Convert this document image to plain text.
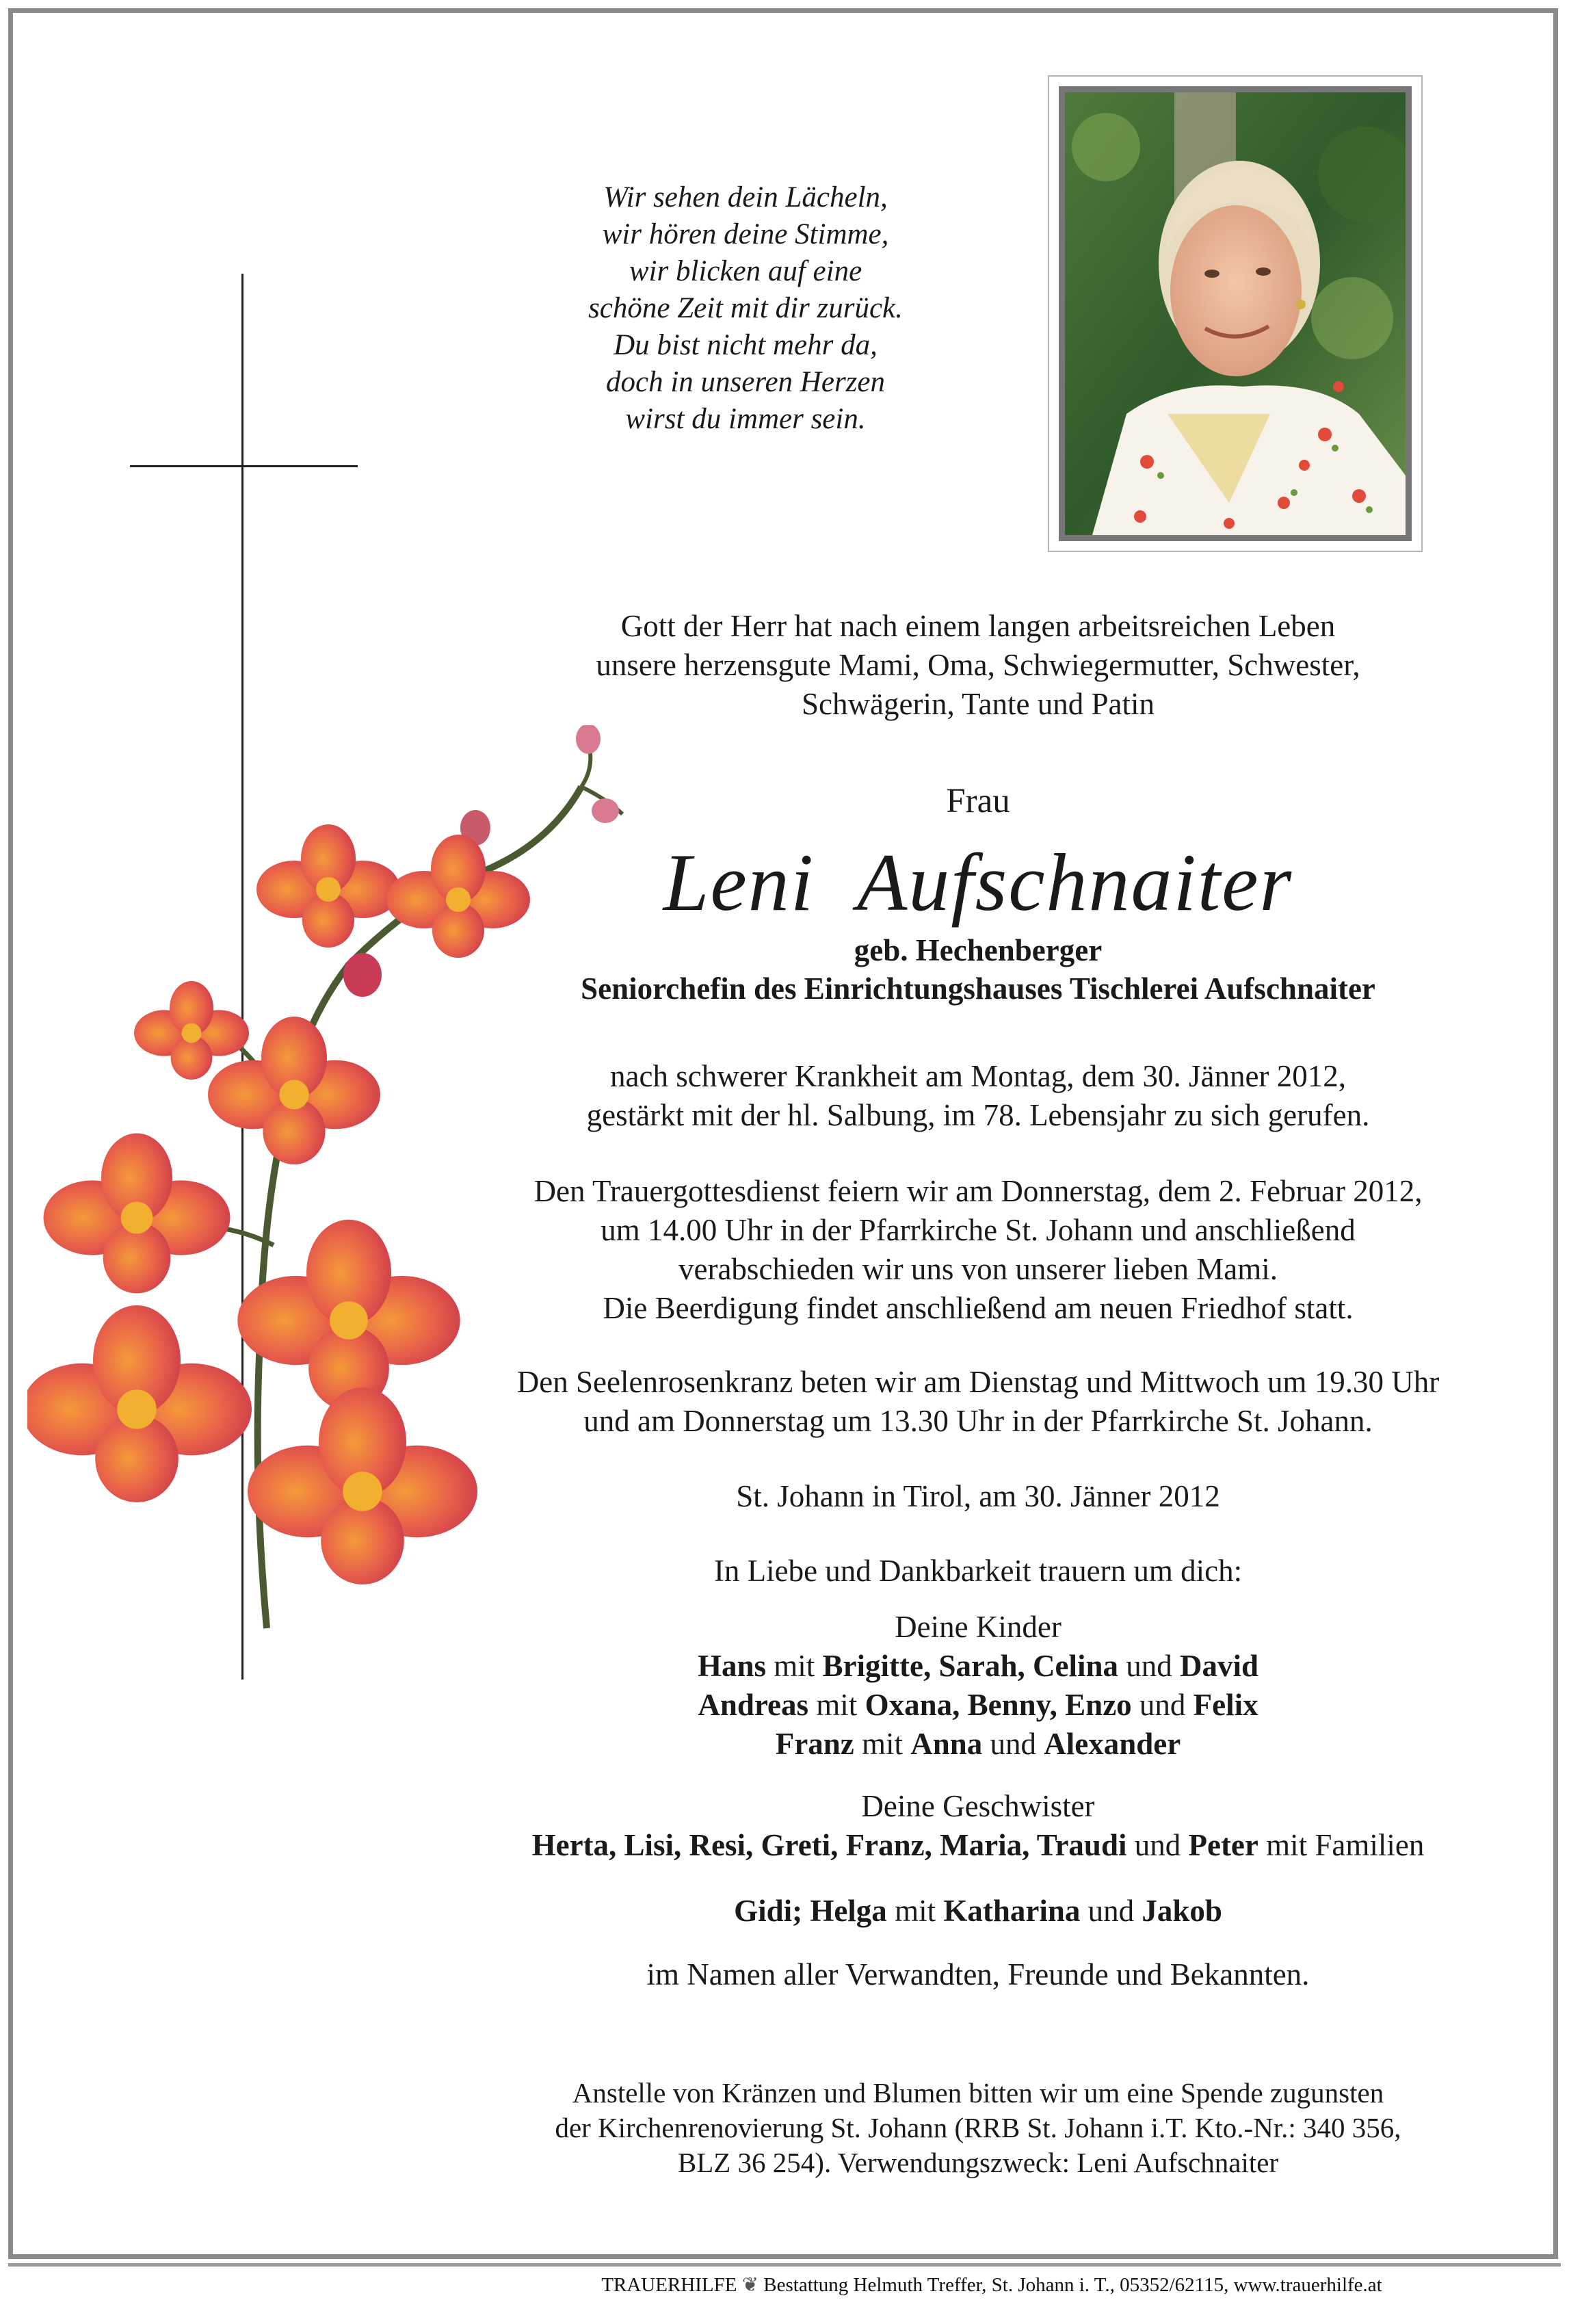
Wir sehen dein Lächeln,
wir hören deine Stimme,
wir blicken auf eine
schöne Zeit mit dir zurück.
Du bist nicht mehr da,
doch in unseren Herzen
wirst du immer sein.

Gott der Herr hat nach einem langen arbeitsreichen Leben

unsere herzensgute Mami, Oma, Schwiegermutter, Schwester,

Schwägerin, Tante und Patin

Frau
Leni  Aufschnaiter
geb. Hechenberger
Seniorchefin des Einrichtungshauses Tischlerei Aufschnaiter

nach schwerer Krankheit am Montag, dem 30. Jänner 2012,

gestärkt mit der hl. Salbung, im 78. Lebensjahr zu sich gerufen.

Den Trauergottesdienst feiern wir am Donnerstag, dem 2. Februar 2012,

um 14.00 Uhr in der Pfarrkirche St. Johann und anschließend

verabschieden wir uns von unserer lieben Mami.

Die Beerdigung findet anschließend am neuen Friedhof statt.

Den Seelenrosenkranz beten wir am Dienstag und Mittwoch um 19.30 Uhr

und am Donnerstag um 13.30 Uhr in der Pfarrkirche St. Johann.

St. Johann in Tirol, am 30. Jänner 2012
In Liebe und Dankbarkeit trauern um dich:

Deine Kinder

Hans mit Brigitte, Sarah, Celina und David

Andreas mit Oxana, Benny, Enzo und Felix

Franz mit Anna und Alexander

Deine Geschwister

Herta, Lisi, Resi, Greti, Franz, Maria, Traudi und Peter mit Familien

Gidi; Helga mit Katharina und Jakob
im Namen aller Verwandten, Freunde und Bekannten.

Anstelle von Kränzen und Blumen bitten wir um eine Spende zugunsten

der Kirchenrenovierung St. Johann (RRB St. Johann i.T. Kto.-Nr.: 340 356,

BLZ 36 254). Verwendungszweck: Leni Aufschnaiter

TRAUERHILFE ❦ Bestattung Helmuth Treffer, St. Johann i. T., 05352/62115, www.trauerhilfe.at
